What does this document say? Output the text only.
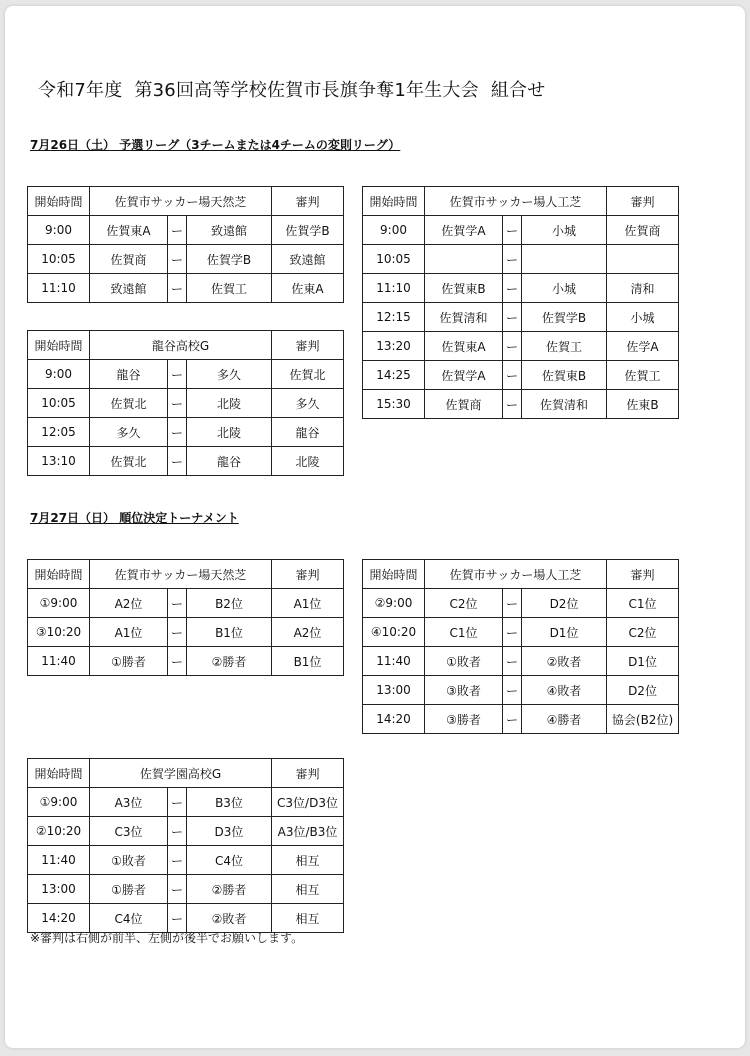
令和7年度 第36回高等学校佐賀市長旗争奪1年生大会 組合せ
7月26日（土） 予選リーグ（3チームまたは4チームの変則リーグ）
7月27日（日） 順位決定トーナメント
開始時間	佐賀市サッカー場天然芝			審判
9:00	佐賀東A	ー	致遠館	佐賀学B
10:05	佐賀商	ー	佐賀学B	致遠館
11:10	致遠館	ー	佐賀工	佐東A
開始時間	龍谷高校G			審判
9:00	龍谷	ー	多久	佐賀北
10:05	佐賀北	ー	北陵	多久
12:05	多久	ー	北陵	龍谷
13:10	佐賀北	ー	龍谷	北陵
開始時間	佐賀市サッカー場人工芝			審判
9:00	佐賀学A	ー	小城	佐賀商
10:05		ー		
11:10	佐賀東B	ー	小城	清和
12:15	佐賀清和	ー	佐賀学B	小城
13:20	佐賀東A	ー	佐賀工	佐学A
14:25	佐賀学A	ー	佐賀東B	佐賀工
15:30	佐賀商	ー	佐賀清和	佐東B
開始時間	佐賀市サッカー場天然芝			審判
①9:00	A2位	ー	B2位	A1位
③10:20	A1位	ー	B1位	A2位
11:40	①勝者	ー	②勝者	B1位
開始時間	佐賀市サッカー場人工芝			審判
②9:00	C2位	ー	D2位	C1位
④10:20	C1位	ー	D1位	C2位
11:40	①敗者	ー	②敗者	D1位
13:00	③敗者	ー	④敗者	D2位
14:20	③勝者	ー	④勝者	協会(B2位)
開始時間	佐賀学園高校G			審判
①9:00	A3位	ー	B3位	C3位/D3位
②10:20	C3位	ー	D3位	A3位/B3位
11:40	①敗者	ー	C4位	相互
13:00	①勝者	ー	②勝者	相互
14:20	C4位	ー	②敗者	相互
※審判は右側が前半、左側が後半でお願いします。
